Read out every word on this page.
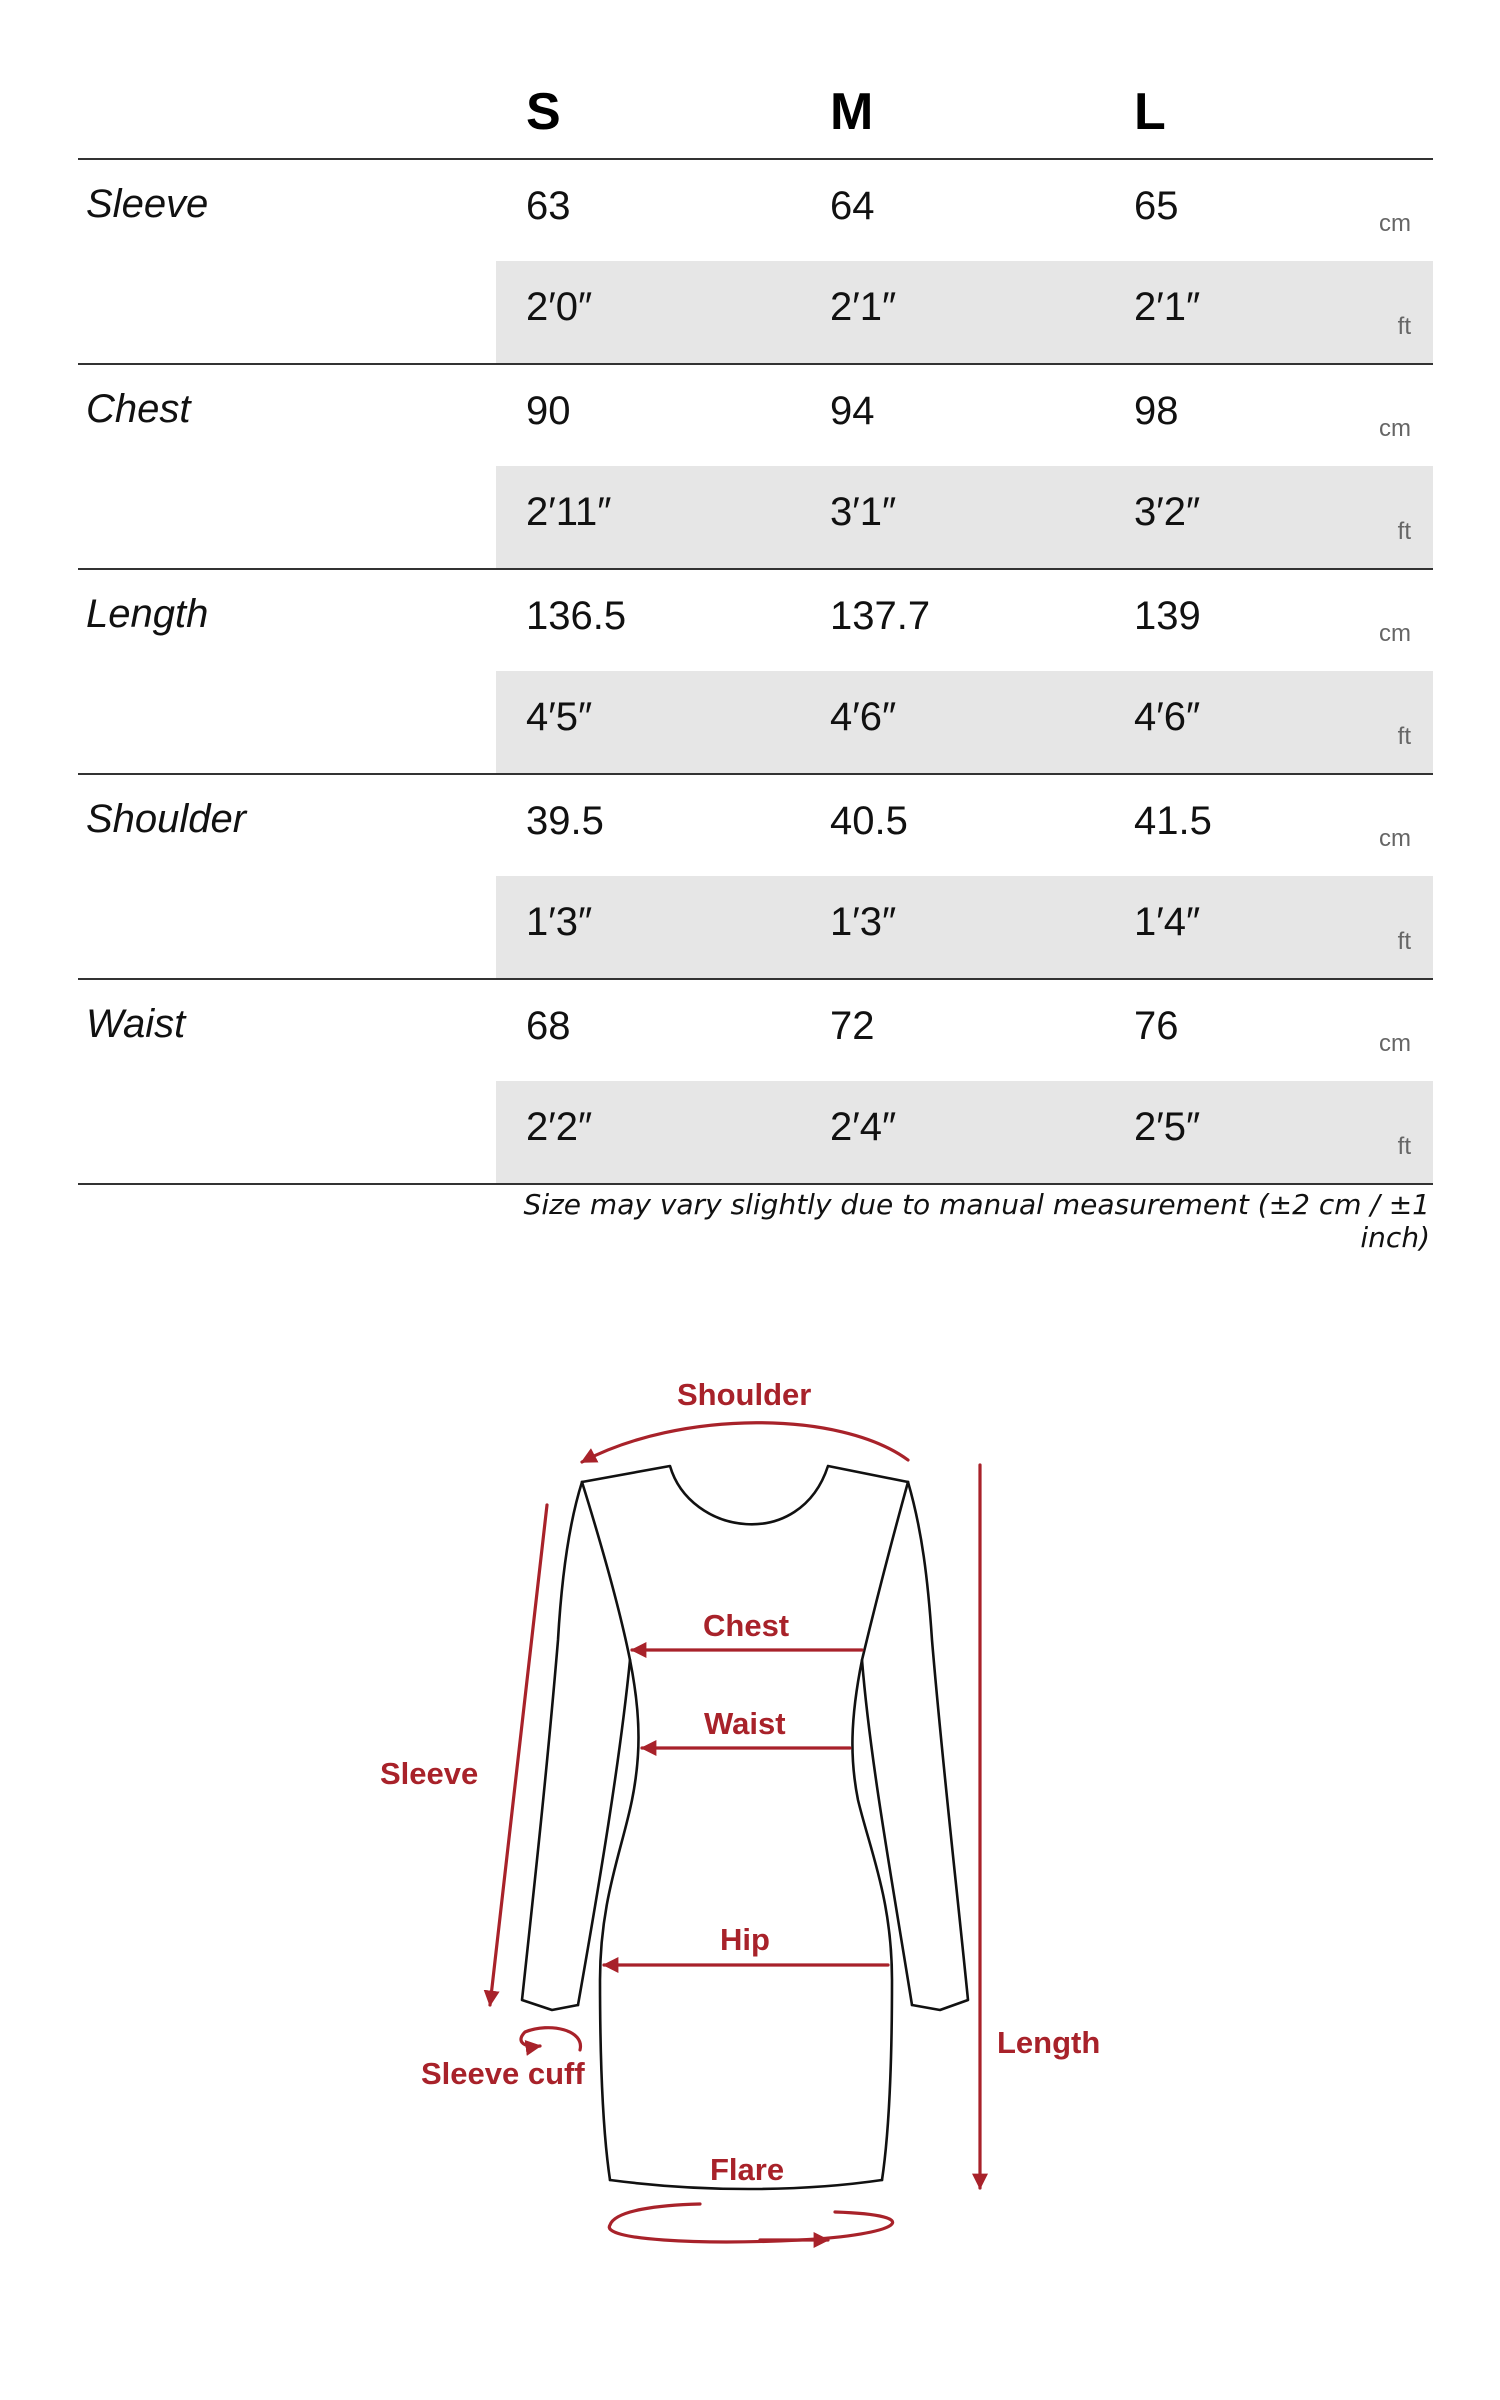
S	M	L
Sleeve	63	64	65	cm
2′0″	2′1″	2′1″	ft
Chest	90	94	98	cm
2′11″	3′1″	3′2″	ft
Length	136.5	137.7	139	cm
4′5″	4′6″	4′6″	ft
Shoulder	39.5	40.5	41.5	cm
1′3″	1′3″	1′4″	ft
Waist	68	72	76	cm
2′2″	2′4″	2′5″	ft
Size may vary slightly due to manual measurement (±2 cm / ±1 inch)
Shoulder
Chest
Waist
Sleeve
Hip
Length
Sleeve cuff
Flare
